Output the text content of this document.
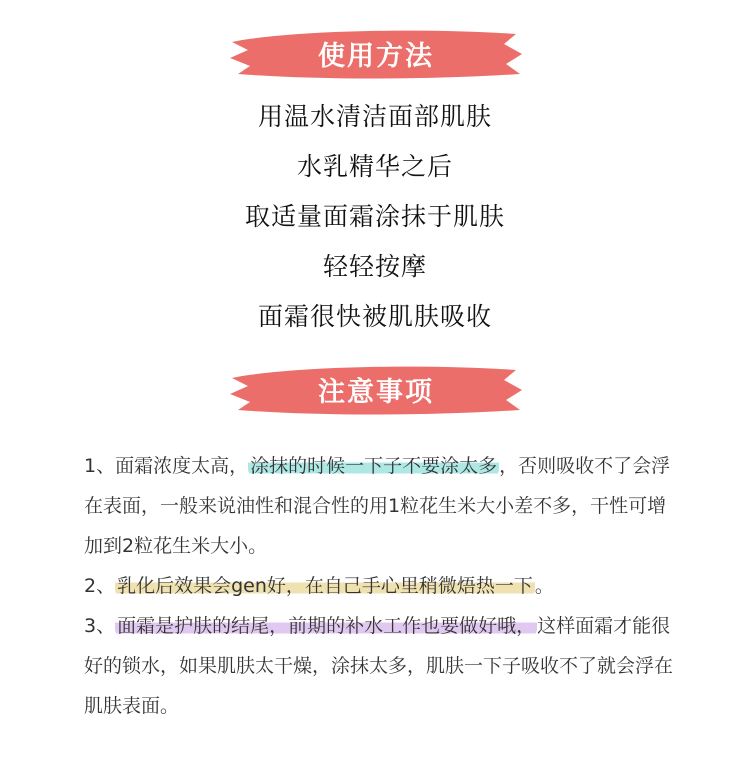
使用方法
用温水清洁面部肌肤
水乳精华之后
取适量面霜涂抹于肌肤
轻轻按摩
面霜很快被肌肤吸收
注意事项
1、面霜浓度太高， 涂抹的时候一下子不要涂太多 ，否则吸收不了会浮在表面，一般来说油性和混合性的用1粒花生米大小差不多，干性可增加到2粒花生米大小。
2、 乳化后效果会gen好，在自己手心里稍微焐热一下 。
3、 面霜是护肤的结尾，前期的补水工作也要做好哦， 这样面霜才能很好的锁水，如果肌肤太干燥，涂抹太多，肌肤一下子吸收不了就会浮在肌肤表面。
